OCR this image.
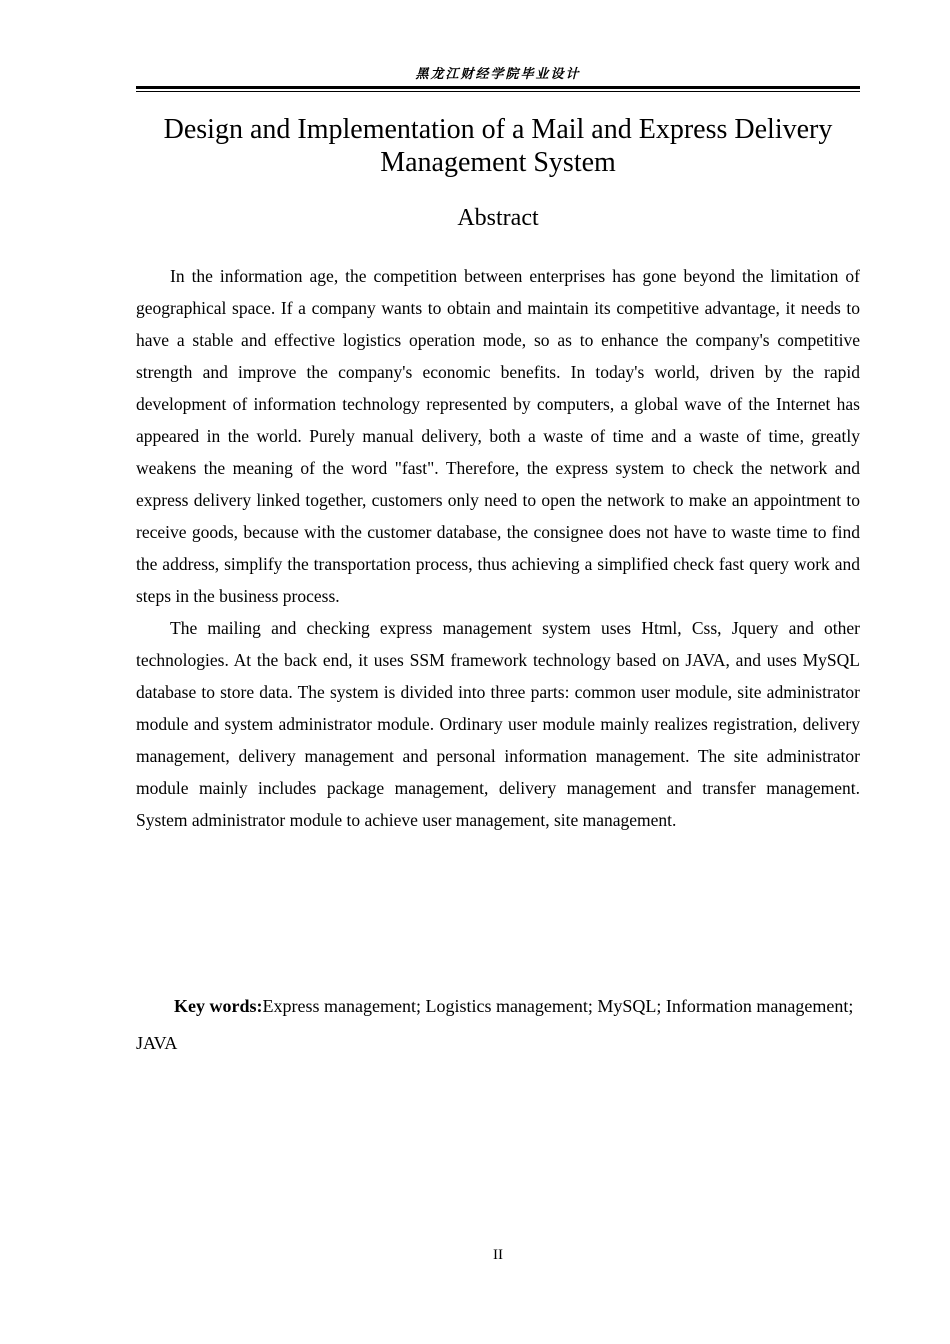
黑龙江财经学院毕业设计
Design and Implementation of a Mail and Express Delivery Management System
Abstract

In the information age, the competition between enterprises has gone beyond the limitation of geographical space. If a company wants to obtain and maintain its competitive advantage, it needs to have a stable and effective logistics operation mode, so as to enhance the company's competitive strength and improve the company's economic benefits. In today's world, driven by the rapid development of information technology represented by computers, a global wave of the Internet has appeared in the world. Purely manual delivery, both a waste of time and a waste of time, greatly weakens the meaning of the word "fast". Therefore, the express system to check the network and express delivery linked together, customers only need to open the network to make an appointment to receive goods, because with the customer database, the consignee does not have to waste time to find the address, simplify the transportation process, thus achieving a simplified check fast query work and steps in the business process.

The mailing and checking express management system uses Html, Css, Jquery and other technologies. At the back end, it uses SSM framework technology based on JAVA, and uses MySQL database to store data. The system is divided into three parts: common user module, site administrator module and system administrator module. Ordinary user module mainly realizes registration, delivery management, delivery management and personal information management. The site administrator module mainly includes package management, delivery management and transfer management. System administrator module to achieve user management, site management.

Key words:Express management; Logistics management; MySQL; Information management; JAVA
II
